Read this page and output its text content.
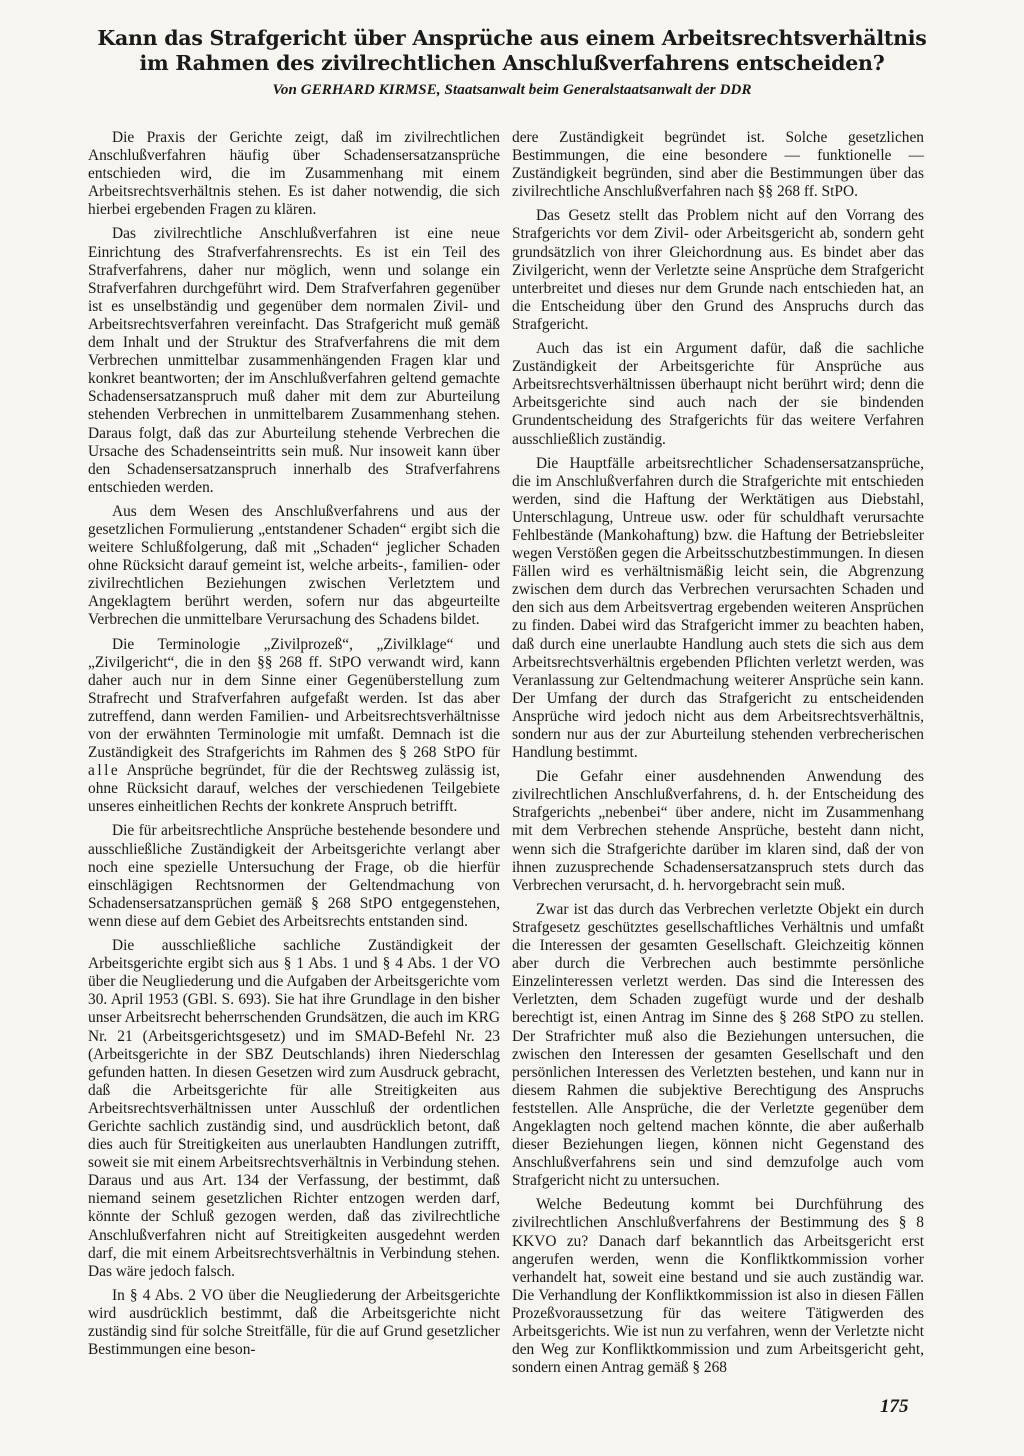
Kann das Strafgericht über Ansprüche aus einem Arbeitsrechtsverhältnis
im Rahmen des zivilrechtlichen Anschlußverfahrens entscheiden?

Von GERHARD KIRMSE, Staatsanwalt beim Generalstaatsanwalt der DDR

Die Praxis der Gerichte zeigt, daß im zivilrechtlichen Anschlußverfahren häufig über Schadensersatzansprüche entschieden wird, die im Zusammenhang mit einem Arbeitsrechtsverhältnis stehen. Es ist daher notwendig, die sich hierbei ergebenden Fragen zu klären.

Das zivilrechtliche Anschlußverfahren ist eine neue Einrichtung des Strafverfahrensrechts. Es ist ein Teil des Strafverfahrens, daher nur möglich, wenn und solange ein Strafverfahren durchgeführt wird. Dem Strafverfahren gegenüber ist es unselbständig und gegenüber dem normalen Zivil- und Arbeitsrechtsverfahren vereinfacht. Das Strafgericht muß gemäß dem Inhalt und der Struktur des Strafverfahrens die mit dem Verbrechen unmittelbar zusammenhängenden Fragen klar und konkret beantworten; der im Anschlußverfahren geltend gemachte Schadensersatzanspruch muß daher mit dem zur Aburteilung stehenden Verbrechen in unmittelbarem Zusammenhang stehen. Daraus folgt, daß das zur Aburteilung stehende Verbrechen die Ursache des Schadenseintritts sein muß. Nur insoweit kann über den Schadensersatzanspruch innerhalb des Strafverfahrens entschieden werden.

Aus dem Wesen des Anschlußverfahrens und aus der gesetzlichen Formulierung „entstandener Schaden“ ergibt sich die weitere Schlußfolgerung, daß mit „Schaden“ jeglicher Schaden ohne Rücksicht darauf gemeint ist, welche arbeits-, familien- oder zivilrechtlichen Beziehungen zwischen Verletztem und Angeklagtem berührt werden, sofern nur das abgeurteilte Verbrechen die unmittelbare Verursachung des Schadens bildet.

Die Terminologie „Zivilprozeß“, „Zivilklage“ und „Zivilgericht“, die in den §§ 268 ff. StPO verwandt wird, kann daher auch nur in dem Sinne einer Gegenüberstellung zum Strafrecht und Strafverfahren aufgefaßt werden. Ist das aber zutreffend, dann werden Familien- und Arbeitsrechtsverhältnisse von der erwähnten Terminologie mit umfaßt. Demnach ist die Zuständigkeit des Strafgerichts im Rahmen des § 268 StPO für alle Ansprüche begründet, für die der Rechtsweg zulässig ist, ohne Rücksicht darauf, welches der verschiedenen Teilgebiete unseres einheitlichen Rechts der konkrete Anspruch betrifft.

Die für arbeitsrechtliche Ansprüche bestehende besondere und ausschließliche Zuständigkeit der Arbeitsgerichte verlangt aber noch eine spezielle Untersuchung der Frage, ob die hierfür einschlägigen Rechtsnormen der Geltendmachung von Schadensersatzansprüchen gemäß § 268 StPO entgegenstehen, wenn diese auf dem Gebiet des Arbeitsrechts entstanden sind.

Die ausschließliche sachliche Zuständigkeit der Arbeitsgerichte ergibt sich aus § 1 Abs. 1 und § 4 Abs. 1 der VO über die Neugliederung und die Aufgaben der Arbeitsgerichte vom 30. April 1953 (GBl. S. 693). Sie hat ihre Grundlage in den bisher unser Arbeitsrecht beherrschenden Grundsätzen, die auch im KRG Nr. 21 (Arbeitsgerichtsgesetz) und im SMAD-Befehl Nr. 23 (Arbeitsgerichte in der SBZ Deutschlands) ihren Niederschlag gefunden hatten. In diesen Gesetzen wird zum Ausdruck gebracht, daß die Arbeitsgerichte für alle Streitigkeiten aus Arbeitsrechtsverhältnissen unter Ausschluß der ordentlichen Gerichte sachlich zuständig sind, und ausdrücklich betont, daß dies auch für Streitigkeiten aus unerlaubten Handlungen zutrifft, soweit sie mit einem Arbeitsrechtsverhältnis in Verbindung stehen. Daraus und aus Art. 134 der Verfassung, der bestimmt, daß niemand seinem gesetzlichen Richter entzogen werden darf, könnte der Schluß gezogen werden, daß das zivilrechtliche Anschlußverfahren nicht auf Streitigkeiten ausgedehnt werden darf, die mit einem Arbeitsrechtsverhältnis in Verbindung stehen. Das wäre jedoch falsch.

In § 4 Abs. 2 VO über die Neugliederung der Arbeitsgerichte wird ausdrücklich bestimmt, daß die Arbeitsgerichte nicht zuständig sind für solche Streitfälle, für die auf Grund gesetzlicher Bestimmungen eine beson-

dere Zuständigkeit begründet ist. Solche gesetzlichen Bestimmungen, die eine besondere — funktionelle — Zuständigkeit begründen, sind aber die Bestimmungen über das zivilrechtliche Anschlußverfahren nach §§ 268 ff. StPO.

Das Gesetz stellt das Problem nicht auf den Vorrang des Strafgerichts vor dem Zivil- oder Arbeitsgericht ab, sondern geht grundsätzlich von ihrer Gleichordnung aus. Es bindet aber das Zivilgericht, wenn der Verletzte seine Ansprüche dem Strafgericht unterbreitet und dieses nur dem Grunde nach entschieden hat, an die Entscheidung über den Grund des Anspruchs durch das Strafgericht.

Auch das ist ein Argument dafür, daß die sachliche Zuständigkeit der Arbeitsgerichte für Ansprüche aus Arbeitsrechtsverhältnissen überhaupt nicht berührt wird; denn die Arbeitsgerichte sind auch nach der sie bindenden Grundentscheidung des Strafgerichts für das weitere Verfahren ausschließlich zuständig.

Die Hauptfälle arbeitsrechtlicher Schadensersatzansprüche, die im Anschlußverfahren durch die Strafgerichte mit entschieden werden, sind die Haftung der Werktätigen aus Diebstahl, Unterschlagung, Untreue usw. oder für schuldhaft verursachte Fehlbestände (Mankohaftung) bzw. die Haftung der Betriebsleiter wegen Verstößen gegen die Arbeitsschutzbestimmungen. In diesen Fällen wird es verhältnismäßig leicht sein, die Abgrenzung zwischen dem durch das Verbrechen verursachten Schaden und den sich aus dem Arbeitsvertrag ergebenden weiteren Ansprüchen zu finden. Dabei wird das Strafgericht immer zu beachten haben, daß durch eine unerlaubte Handlung auch stets die sich aus dem Arbeitsrechtsverhältnis ergebenden Pflichten verletzt werden, was Veranlassung zur Geltendmachung weiterer Ansprüche sein kann. Der Umfang der durch das Strafgericht zu entscheidenden Ansprüche wird jedoch nicht aus dem Arbeitsrechtsverhältnis, sondern nur aus der zur Aburteilung stehenden verbrecherischen Handlung bestimmt.

Die Gefahr einer ausdehnenden Anwendung des zivilrechtlichen Anschlußverfahrens, d. h. der Entscheidung des Strafgerichts „nebenbei“ über andere, nicht im Zusammenhang mit dem Verbrechen stehende Ansprüche, besteht dann nicht, wenn sich die Strafgerichte darüber im klaren sind, daß der von ihnen zuzusprechende Schadensersatzanspruch stets durch das Verbrechen verursacht, d. h. hervorgebracht sein muß.

Zwar ist das durch das Verbrechen verletzte Objekt ein durch Strafgesetz geschütztes gesellschaftliches Verhältnis und umfaßt die Interessen der gesamten Gesellschaft. Gleichzeitig können aber durch die Verbrechen auch bestimmte persönliche Einzelinteressen verletzt werden. Das sind die Interessen des Verletzten, dem Schaden zugefügt wurde und der deshalb berechtigt ist, einen Antrag im Sinne des § 268 StPO zu stellen. Der Strafrichter muß also die Beziehungen untersuchen, die zwischen den Interessen der gesamten Gesellschaft und den persönlichen Interessen des Verletzten bestehen, und kann nur in diesem Rahmen die subjektive Berechtigung des Anspruchs feststellen. Alle Ansprüche, die der Verletzte gegenüber dem Angeklagten noch geltend machen könnte, die aber außerhalb dieser Beziehungen liegen, können nicht Gegenstand des Anschlußverfahrens sein und sind demzufolge auch vom Strafgericht nicht zu untersuchen.

Welche Bedeutung kommt bei Durchführung des zivilrechtlichen Anschlußverfahrens der Bestimmung des § 8 KKVO zu? Danach darf bekanntlich das Arbeitsgericht erst angerufen werden, wenn die Konfliktkommission vorher verhandelt hat, soweit eine bestand und sie auch zuständig war. Die Verhandlung der Konfliktkommission ist also in diesen Fällen Prozeßvoraussetzung für das weitere Tätigwerden des Arbeitsgerichts. Wie ist nun zu verfahren, wenn der Verletzte nicht den Weg zur Konfliktkommission und zum Arbeitsgericht geht, sondern einen Antrag gemäß § 268

175
